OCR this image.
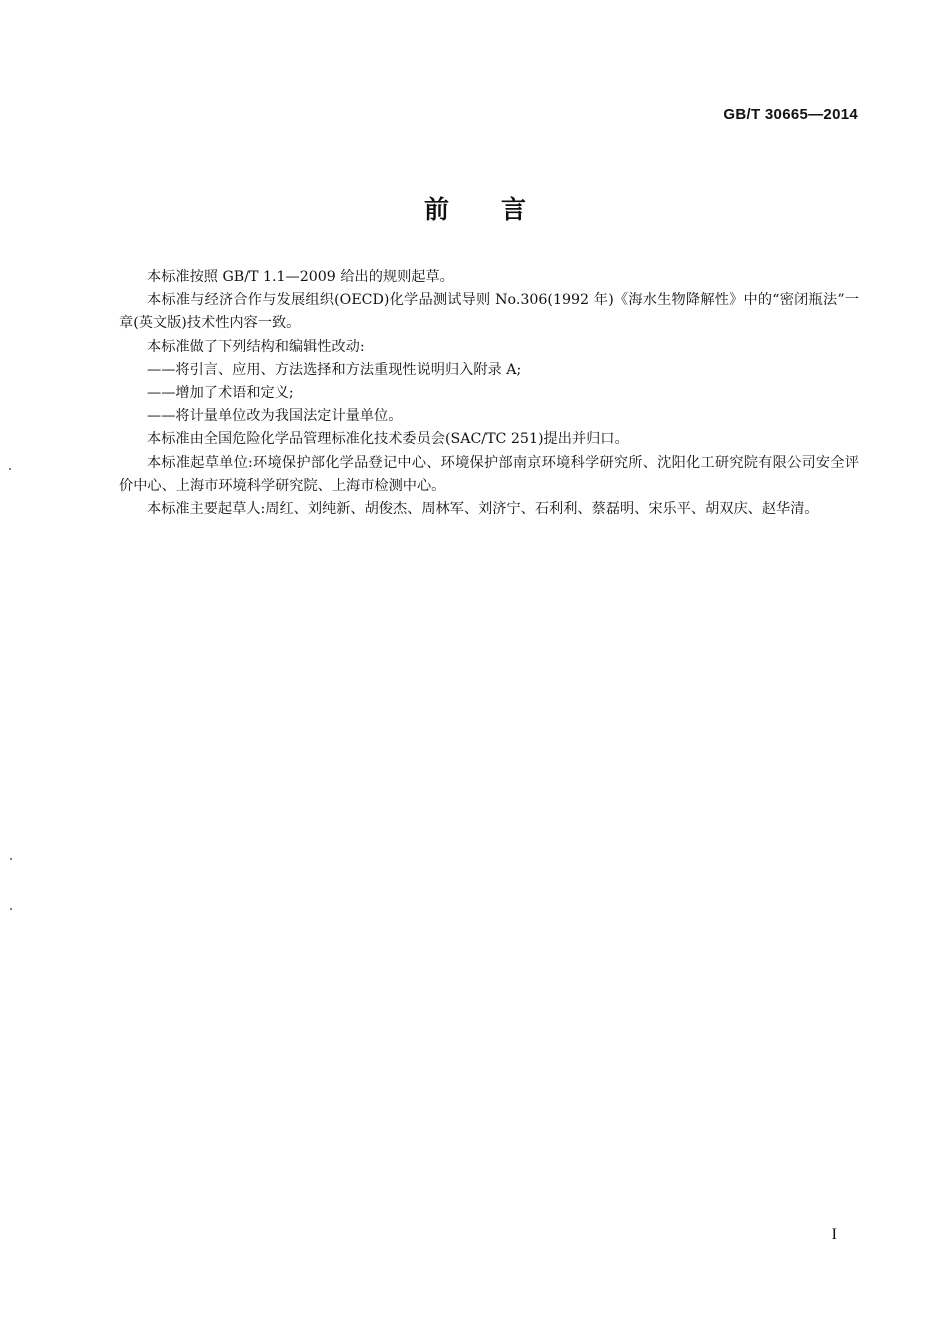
GB/T 30665—2014
前言

本标准按照 GB/T 1.1—2009 给出的规则起草。

本标准与经济合作与发展组织(OECD)化学品测试导则 No.306(1992 年)《海水生物降解性》中的“密闭瓶法”一章(英文版)技术性内容一致。

本标准做了下列结构和编辑性改动:

——将引言、应用、方法选择和方法重现性说明归入附录 A;

——增加了术语和定义;

——将计量单位改为我国法定计量单位。

本标准由全国危险化学品管理标准化技术委员会(SAC/TC 251)提出并归口。

本标准起草单位:环境保护部化学品登记中心、环境保护部南京环境科学研究所、沈阳化工研究院有限公司安全评价中心、上海市环境科学研究院、上海市检测中心。

本标准主要起草人:周红、刘纯新、胡俊杰、周林军、刘济宁、石利利、蔡磊明、宋乐平、胡双庆、赵华清。

I
